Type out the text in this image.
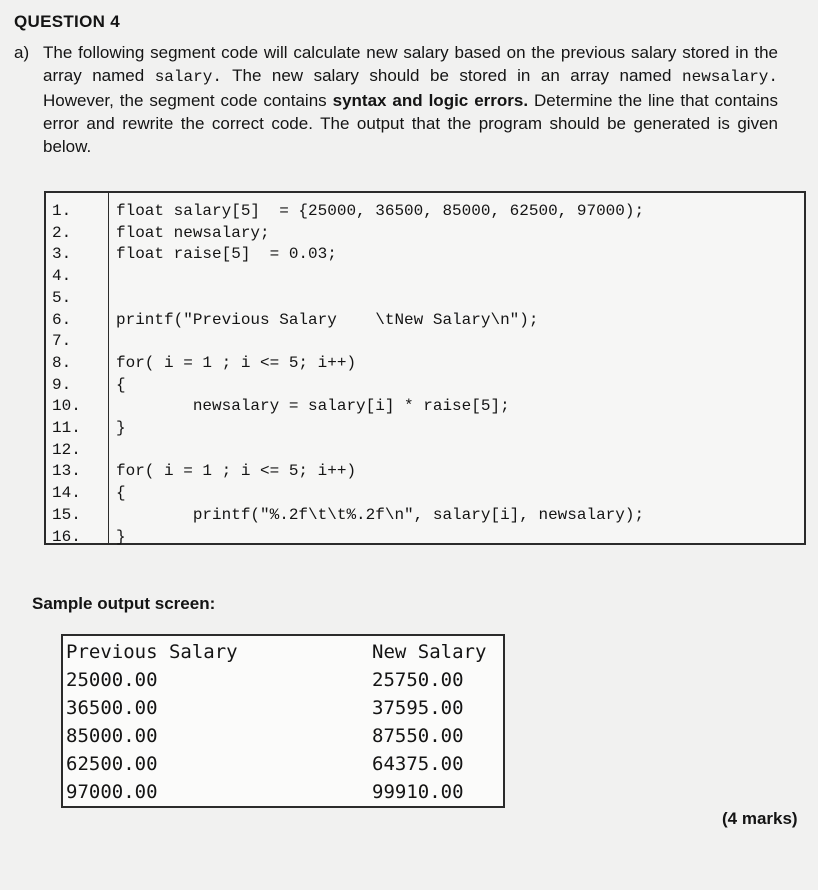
QUESTION 4
a) The following segment code will calculate new salary based on the previous salary stored in the array named salary. The new salary should be stored in an array named newsalary. However, the segment code contains syntax and logic errors. Determine the line that contains error and rewrite the correct code. The output that the program should be generated is given below.
1.	float salary[5]  = {25000, 36500, 85000, 62500, 97000);
2.	float newsalary;
3.	float raise[5]  = 0.03;
4.
5.
6.	printf("Previous Salary    \tNew Salary\n");
7.
8.	for( i = 1 ; i <= 5; i++)
9.	{
10. newsalary = salary[i] * raise[5];
11. }
12.
13. for( i = 1 ; i <= 5; i++)
14. {
15. printf("%.2f\t\t%.2f\n", salary[i], newsalary);
16. }
Sample output screen:
Previous Salary	New Salary
25000.00	25750.00
36500.00	37595.00
85000.00	87550.00
62500.00	64375.00
97000.00	99910.00
(4 marks)
